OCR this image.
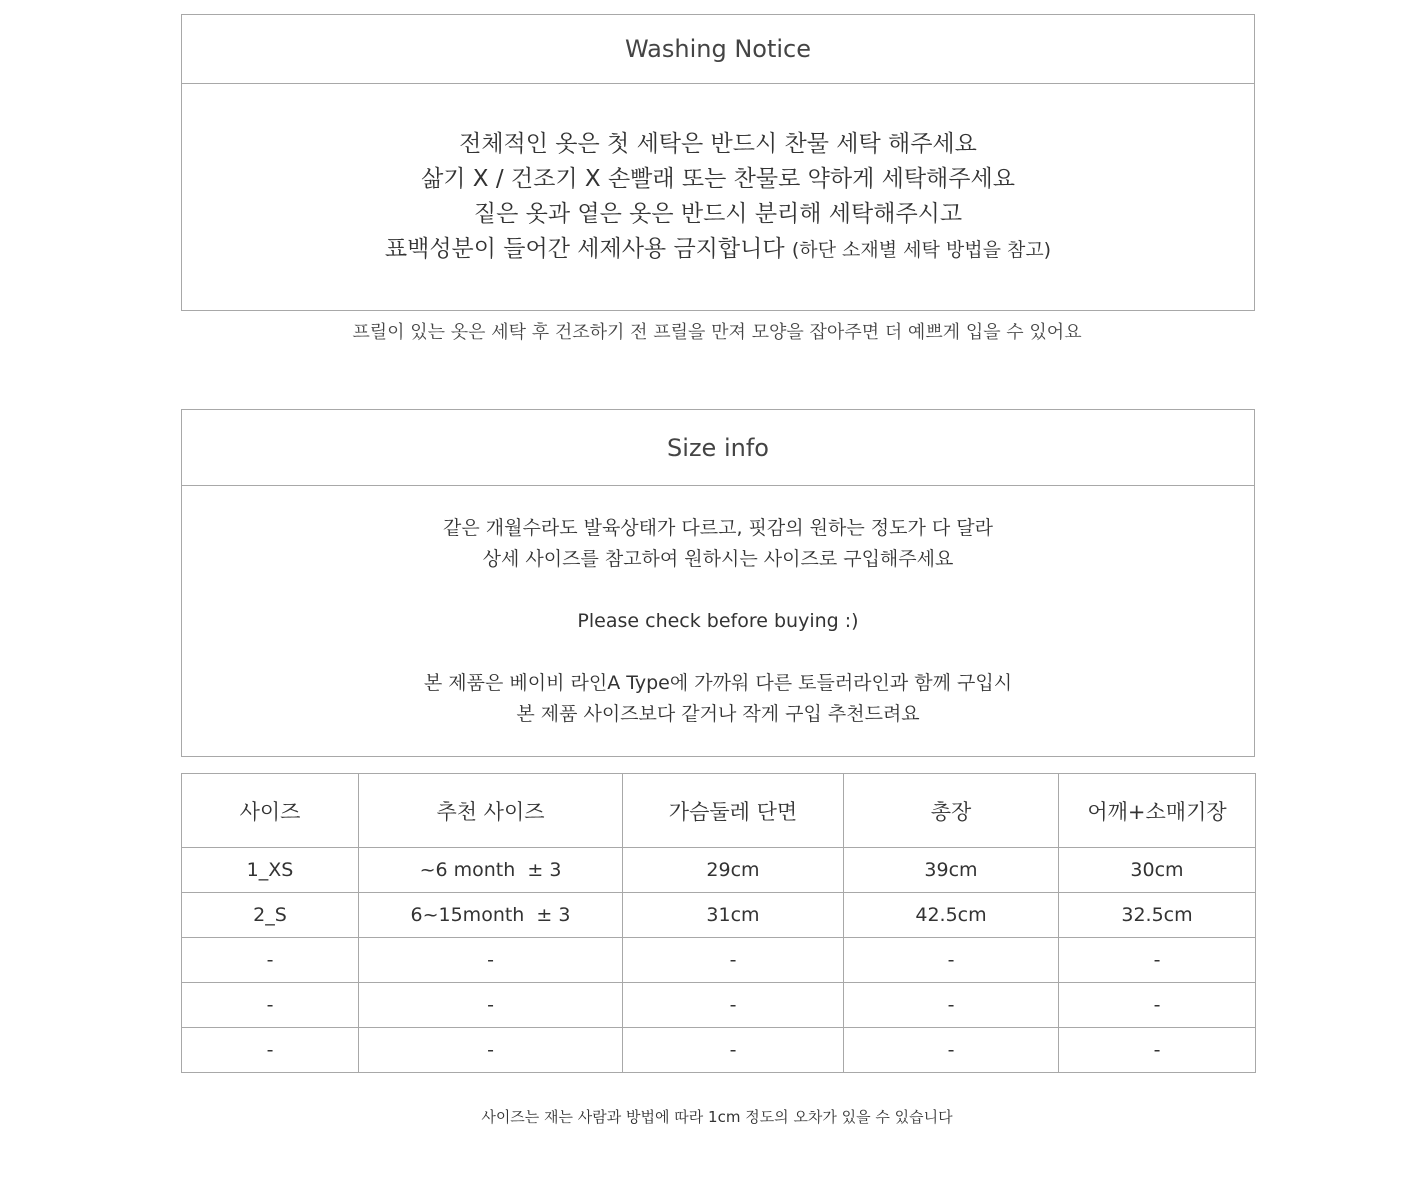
Washing Notice
전체적인 옷은 첫 세탁은 반드시 찬물 세탁 해주세요
삶기 X / 건조기 X 손빨래 또는 찬물로 약하게 세탁해주세요
짙은 옷과 옅은 옷은 반드시 분리해 세탁해주시고
표백성분이 들어간 세제사용 금지합니다 (하단 소재별 세탁 방법을 참고)
프릴이 있는 옷은 세탁 후 건조하기 전 프릴을 만져 모양을 잡아주면 더 예쁘게 입을 수 있어요
Size info
같은 개월수라도 발육상태가 다르고, 핏감의 원하는 정도가 다 달라
상세 사이즈를 참고하여 원하시는 사이즈로 구입해주세요
Please check before buying :)
본 제품은 베이비 라인A Type에 가까워 다른 토들러라인과 함께 구입시
본 제품 사이즈보다 같거나 작게 구입 추천드려요
사이즈	추천 사이즈	가슴둘레 단면	총장	어깨+소매기장
1_XS	~6 month  ± 3	29cm	39cm	30cm
2_S	6~15month  ± 3	31cm	42.5cm	32.5cm
-	-	-	-	-
-	-	-	-	-
-	-	-	-	-
사이즈는 재는 사람과 방법에 따라 1cm 정도의 오차가 있을 수 있습니다
